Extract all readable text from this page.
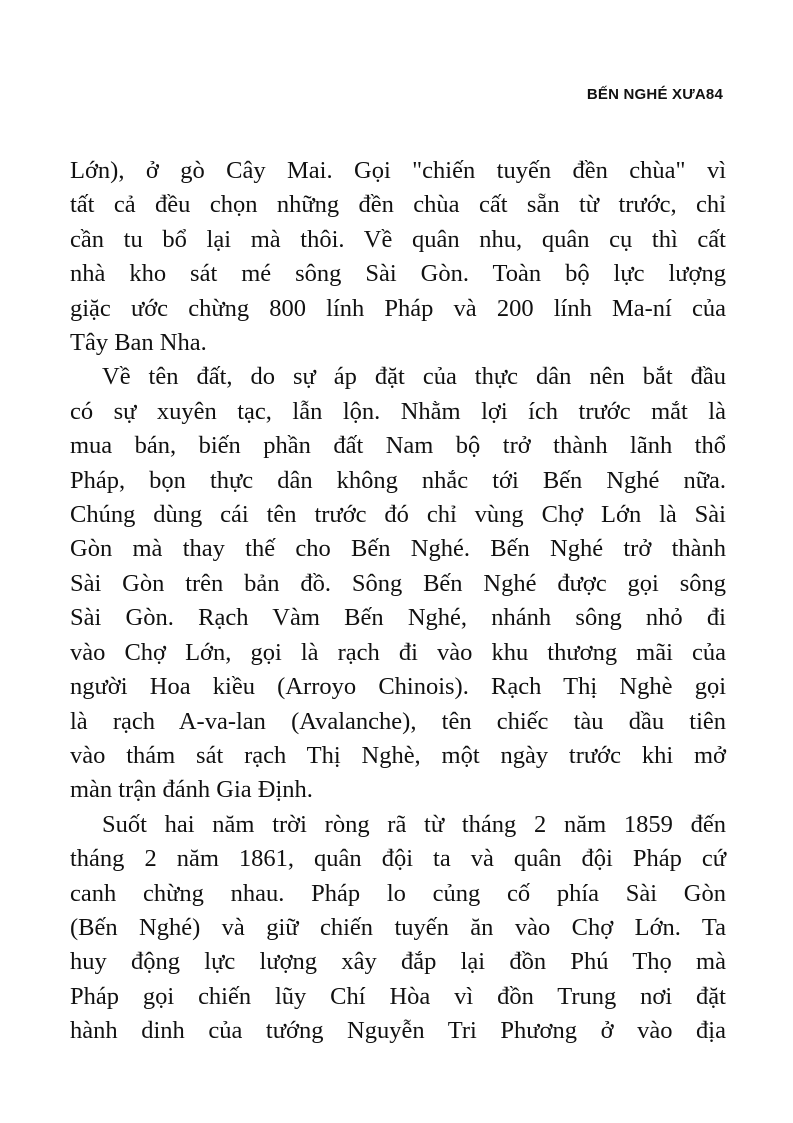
BẾN NGHÉ XƯA84
Lớn), ở gò Cây Mai. Gọi "chiến tuyến đền chùa" vì
tất cả đều chọn những đền chùa cất sẵn từ trước, chỉ
cần tu bổ lại mà thôi. Về quân nhu, quân cụ thì cất
nhà kho sát mé sông Sài Gòn. Toàn bộ lực lượng
giặc ước chừng 800 lính Pháp và 200 lính Ma-ní của
Tây Ban Nha.
Về tên đất, do sự áp đặt của thực dân nên bắt đầu
có sự xuyên tạc, lẫn lộn. Nhằm lợi ích trước mắt là
mua bán, biến phần đất Nam bộ trở thành lãnh thổ
Pháp, bọn thực dân không nhắc tới Bến Nghé nữa.
Chúng dùng cái tên trước đó chỉ vùng Chợ Lớn là Sài
Gòn mà thay thế cho Bến Nghé. Bến Nghé trở thành
Sài Gòn trên bản đồ. Sông Bến Nghé được gọi sông
Sài Gòn. Rạch Vàm Bến Nghé, nhánh sông nhỏ đi
vào Chợ Lớn, gọi là rạch đi vào khu thương mãi của
người Hoa kiều (Arroyo Chinois). Rạch Thị Nghè gọi
là rạch A-va-lan (Avalanche), tên chiếc tàu dầu tiên
vào thám sát rạch Thị Nghè, một ngày trước khi mở
màn trận đánh Gia Định.
Suốt hai năm trời ròng rã từ tháng 2 năm 1859 đến
tháng 2 năm 1861, quân đội ta và quân đội Pháp cứ
canh chừng nhau. Pháp lo củng cố phía Sài Gòn
(Bến Nghé) và giữ chiến tuyến ăn vào Chợ Lớn. Ta
huy động lực lượng xây đắp lại đồn Phú Thọ mà
Pháp gọi chiến lũy Chí Hòa vì đồn Trung nơi đặt
hành dinh của tướng Nguyễn Tri Phương ở vào địa
